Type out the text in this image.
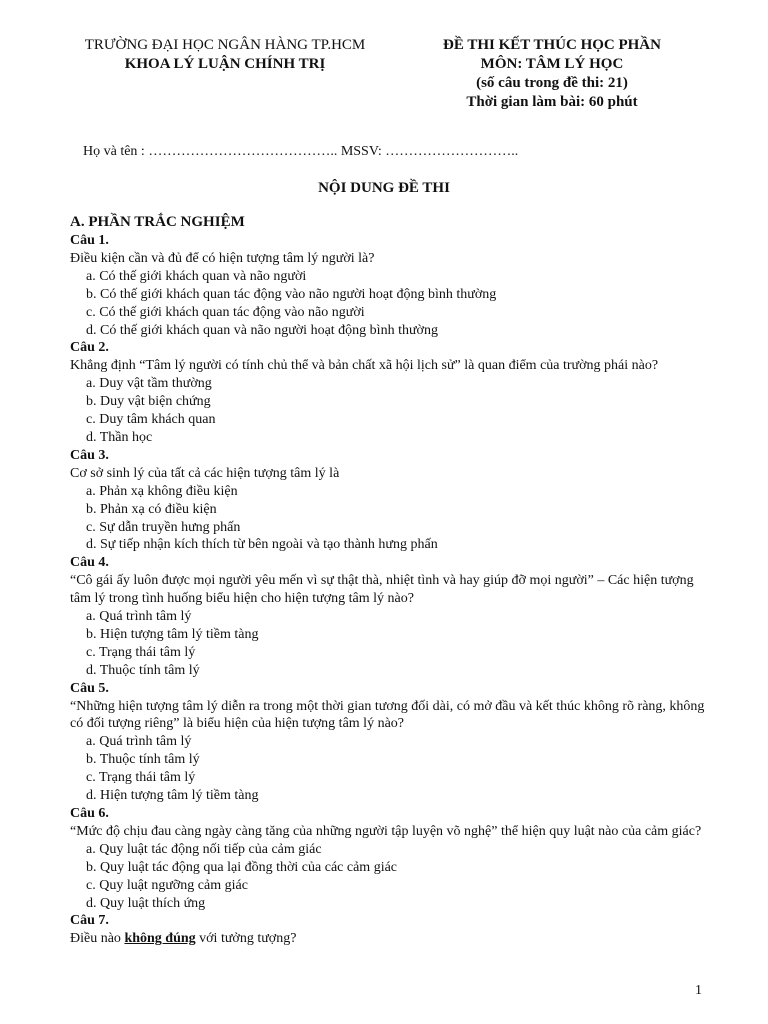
TRƯỜNG ĐẠI HỌC NGÂN HÀNG TP.HCM
KHOA LÝ LUẬN CHÍNH TRỊ
ĐỀ THI KẾT THÚC HỌC PHẦN
MÔN: TÂM LÝ HỌC
(số câu trong đề thi: 21)
Thời gian làm bài: 60 phút
Họ và tên : ………………………………….. MSSV: ………………………..
NỘI DUNG ĐỀ THI
A. PHẦN TRẮC NGHIỆM
Câu 1.
Điều kiện cần và đủ để có hiện tượng tâm lý người là?
a. Có thế giới khách quan và não người
b. Có thế giới khách quan tác động vào não người hoạt động bình thường
c. Có thế giới khách quan tác động vào não người
d. Có thế giới khách quan và não người hoạt động bình thường
Câu 2.
Khẳng định “Tâm lý người có tính chủ thể và bản chất xã hội lịch sử” là quan điểm của trường phái nào?
a. Duy vật tầm thường
b. Duy vật biện chứng
c. Duy tâm khách quan
d. Thần học
Câu 3.
Cơ sở sinh lý của tất cả các hiện tượng tâm lý là
a. Phản xạ không điều kiện
b. Phản xạ có điều kiện
c. Sự dẫn truyền hưng phấn
d. Sự tiếp nhận kích thích từ bên ngoài và tạo thành hưng phấn
Câu 4.
“Cô gái ấy luôn được mọi người yêu mến vì sự thật thà, nhiệt tình và hay giúp đỡ mọi người” – Các hiện tượng tâm lý trong tình huống biểu hiện cho hiện tượng tâm lý nào?
a. Quá trình tâm lý
b. Hiện tượng tâm lý tiềm tàng
c. Trạng thái tâm lý
d. Thuộc tính tâm lý
Câu 5.
“Những hiện tượng tâm lý diễn ra trong một thời gian tương đối dài, có mở đầu và kết thúc không rõ ràng, không có đối tượng riêng” là biểu hiện của hiện tượng tâm lý nào?
a. Quá trình tâm lý
b. Thuộc tính tâm lý
c. Trạng thái tâm lý
d. Hiện tượng tâm lý tiềm tàng
Câu 6.
“Mức độ chịu đau càng ngày càng tăng của những người tập luyện võ nghệ” thể hiện quy luật nào của cảm giác?
a. Quy luật tác động nối tiếp của cảm giác
b. Quy luật tác động qua lại đồng thời của các cảm giác
c. Quy luật ngưỡng cảm giác
d. Quy luật thích ứng
Câu 7.
Điều nào không đúng với tưởng tượng?
1
